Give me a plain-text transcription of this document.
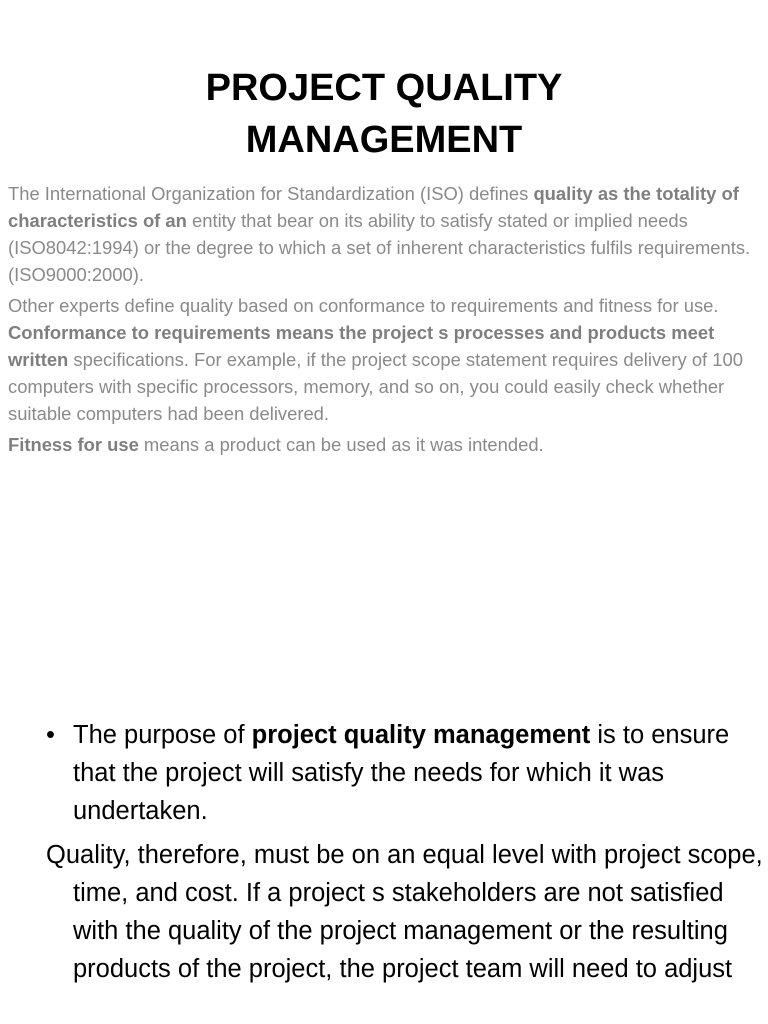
PROJECT QUALITY
MANAGEMENT

The International Organization for Standardization (ISO) defines quality as the totality of characteristics of an entity that bear on its ability to satisfy stated or implied needs (ISO8042:1994) or the degree to which a set of inherent characteristics fulfils requirements. (ISO9000:2000).

Other experts define quality based on conformance to requirements and fitness for use. Conformance to requirements means the project s processes and products meet written specifications. For example, if the project scope statement requires delivery of 100 computers with specific processors, memory, and so on, you could easily check whether suitable computers had been delivered.

Fitness for use means a product can be used as it was intended.

• The purpose of project quality management is to ensure that the project will satisfy the needs for which it was undertaken.
Quality, therefore, must be on an equal level with project scope, time, and cost. If a project s stakeholders are not satisfied with the quality of the project management or the resulting products of the project, the project team will need to adjust
